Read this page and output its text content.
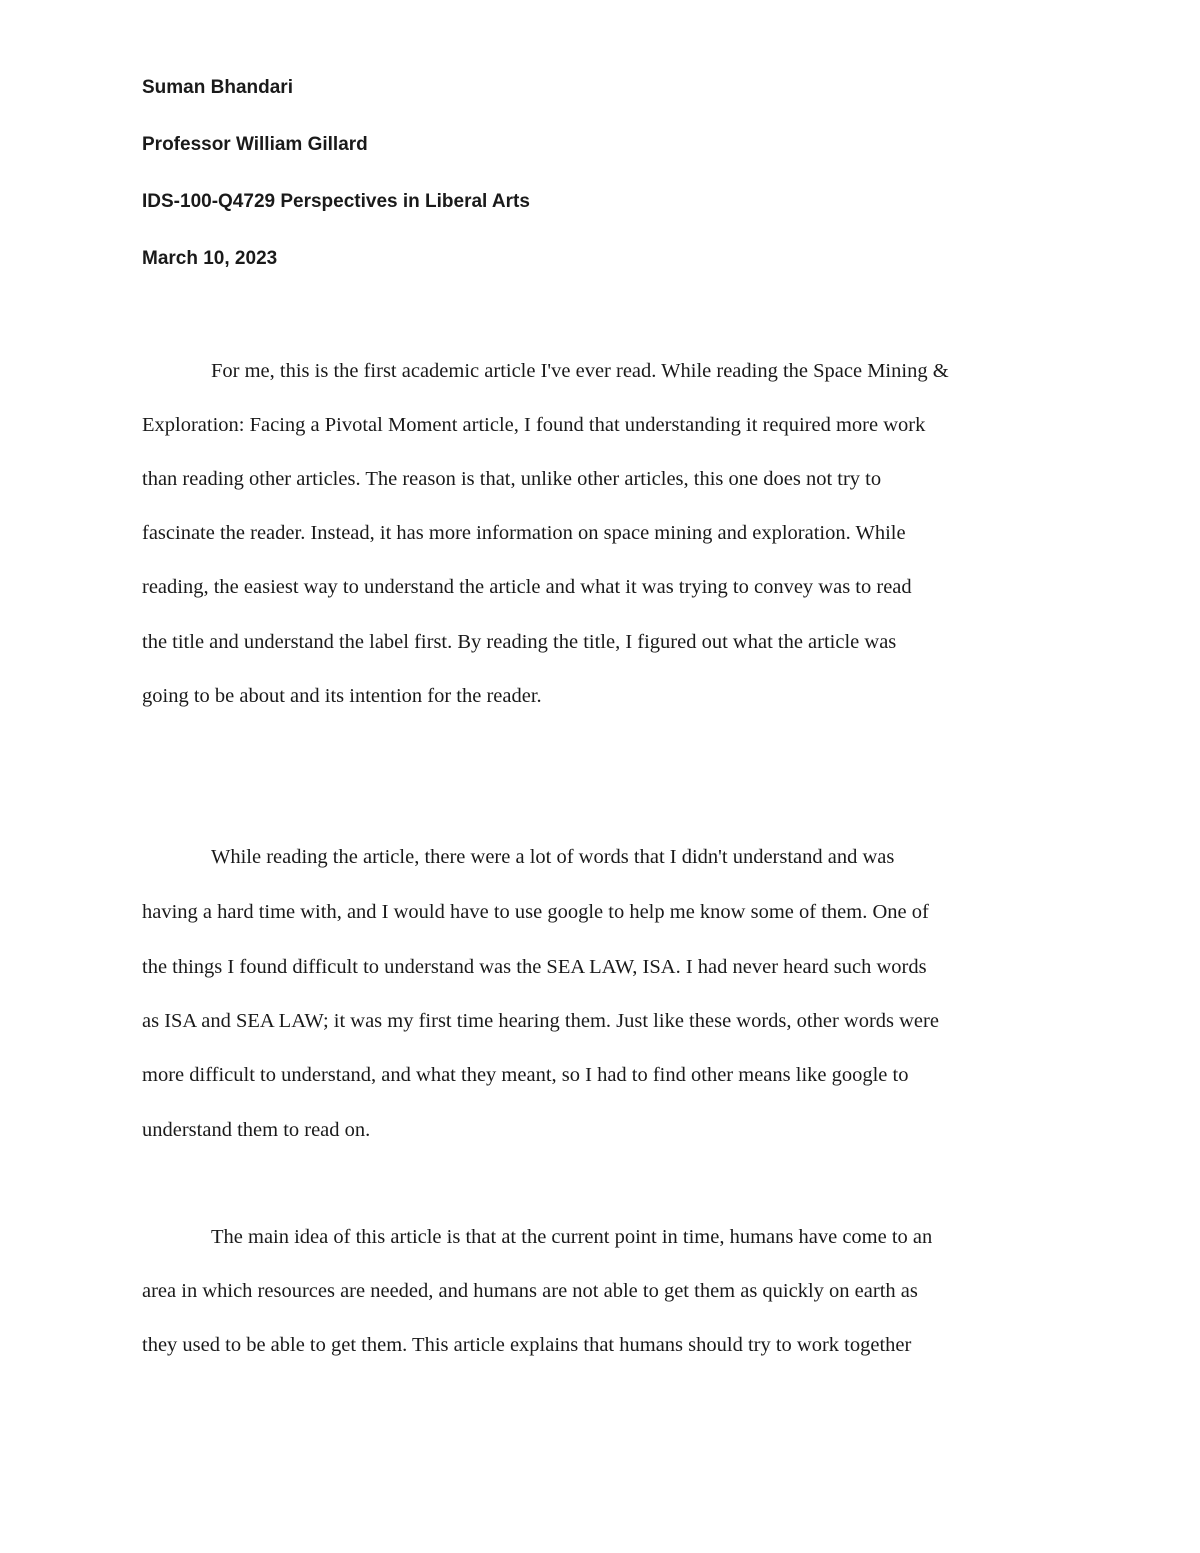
Suman Bhandari
Professor William Gillard
IDS-100-Q4729 Perspectives in Liberal Arts
March 10, 2023
For me, this is the first academic article I've ever read. While reading the Space Mining &
Exploration: Facing a Pivotal Moment article, I found that understanding it required more work
than reading other articles. The reason is that, unlike other articles, this one does not try to
fascinate the reader. Instead, it has more information on space mining and exploration. While
reading, the easiest way to understand the article and what it was trying to convey was to read
the title and understand the label first. By reading the title, I figured out what the article was
going to be about and its intention for the reader.
While reading the article, there were a lot of words that I didn't understand and was
having a hard time with, and I would have to use google to help me know some of them. One of
the things I found difficult to understand was the SEA LAW, ISA. I had never heard such words
as ISA and SEA LAW; it was my first time hearing them. Just like these words, other words were
more difficult to understand, and what they meant, so I had to find other means like google to
understand them to read on.
The main idea of this article is that at the current point in time, humans have come to an
area in which resources are needed, and humans are not able to get them as quickly on earth as
they used to be able to get them. This article explains that humans should try to work together
